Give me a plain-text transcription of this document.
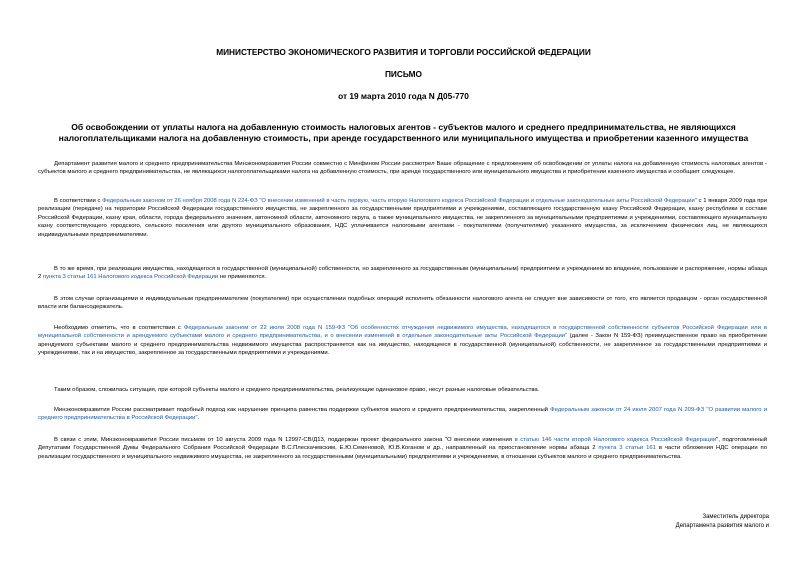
МИНИСТЕРСТВО ЭКОНОМИЧЕСКОГО РАЗВИТИЯ И ТОРГОВЛИ РОССИЙСКОЙ ФЕДЕРАЦИИ
ПИСЬМО
от 19 марта 2010 года N Д05-770
Об освобождении от уплаты налога на добавленную стоимость налоговых агентов - субъектов малого и среднего предпринимательства, не являющихся налогоплательщиками налога на добавленную стоимость, при аренде государственного или муниципального имущества и приобретении казенного имущества
Департамент развития малого и среднего предпринимательства Минэкономразвития России совместно с Минфином России рассмотрел Ваше обращение с предложением об освобождении от уплаты налога на добавленную стоимость налоговых агентов - субъектов малого и среднего предпринимательства, не являющихся налогоплательщиками налога на добавленную стоимость, при аренде государственного или муниципального имущества и приобретении казенного имущества и сообщает следующее.
В соответствии с Федеральным законом от 26 ноября 2008 года N 224-ФЗ "О внесении изменений в часть первую, часть вторую Налогового кодекса Российской Федерации и отдельные законодательные акты Российской Федерации" с 1 января 2009 года при реализации (передаче) на территории Российской Федерации государственного имущества, не закрепленного за государственными предприятиями и учреждениями, составляющего государственную казну Российской Федерации, казну республики в составе Российской Федерации, казну края, области, города федерального значения, автономной области, автономного округа, а также муниципального имущества, не закрепленного за муниципальными предприятиями и учреждениями, составляющего муниципальную казну соответствующего городского, сельского поселения или другого муниципального образования, НДС уплачивается налоговыми агентами - покупателями (получателями) указанного имущества, за исключением физических лиц, не являющихся индивидуальными предпринимателями.
В то же время, при реализации имущества, находящегося в государственной (муниципальной) собственности, но закрепленного за государственным (муниципальным) предприятием и учреждением во владение, пользование и распоряжение, нормы абзаца 2 пункта 3 статьи 161 Налогового кодекса Российской Федерации не применяются.
В этом случае организациями и индивидуальным предпринимателем (покупателем) при осуществлении подобных операций исполнять обязанности налогового агента не следует вне зависимости от того, кто является продавцом - орган государственной власти или балансодержатель.
Необходимо отметить, что в соответствии с Федеральным законом от 22 июля 2008 года N 159-ФЗ "Об особенностях отчуждения недвижимого имущества, находящегося в государственной собственности субъектов Российской Федерации или в муниципальной собственности и арендуемого субъектами малого и среднего предпринимательства, и о внесении изменений в отдельные законодательные акты Российской Федерации" (далее - Закон N 159-ФЗ) преимущественное право на приобретение арендуемого субъектами малого и среднего предпринимательства недвижимого имущества распространяется как на имущество, находящееся в государственной (муниципальной) собственности, не закрепленное за государственными предприятиями и учреждениями, так и на имущество, закрепленное за государственными предприятиями и учреждениями.
Таким образом, сложилась ситуация, при которой субъекты малого и среднего предпринимательства, реализующие одинаковое право, несут разные налоговые обязательства.
Минэкономразвития России рассматривает подобный подход как нарушение принципа равенства поддержки субъектов малого и среднего предпринимательства, закрепленный Федеральным законом от 24 июля 2007 года N 209-ФЗ "О развитии малого и среднего предпринимательства в Российской Федерации".
В связи с этим, Минэкономразвития России письмом от 10 августа 2009 года N 12997-СВ/Д13, поддержан проект федерального закона "О внесении изменения в статью 146 части второй Налогового кодекса Российской Федерации", подготовленный Депутатами Государственной Думы Федерального Собрания Российской Федерации В.С.Плескачевским, Е.Ю.Семеновой, Ю.В.Коганом и др., направленный на приостановление нормы абзаца 2 пункта 3 статьи 161 в части обложения НДС операции по реализации государственного и муниципального недвижимого имущества, не закрепленного за государственными (муниципальными) предприятиями и учреждениями, в отношении субъектов малого и среднего предпринимательства.
Заместитель директора
Департамента развития малого и
